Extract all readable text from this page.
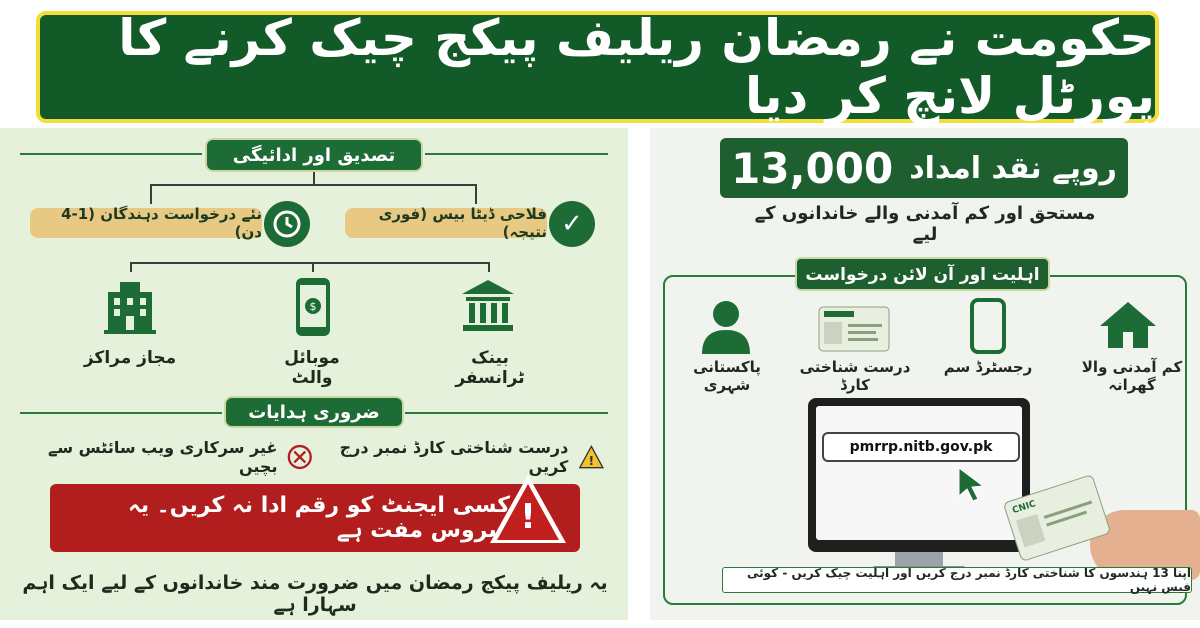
حکومت نے رمضان ریلیف پیکج چیک کرنے کا پورٹل لانچ کر دیا
تصدیق اور ادائیگی
فلاحی ڈیٹا بیس (فوری نتیجہ) ✓
نئے درخواست دہندگان (1-4 دن)
$
بینک ٹرانسفر
موبائل والٹ
مجاز مراکز
ضروری ہدایات
!
درست شناختی کارڈ نمبر درج کریں
غیر سرکاری ویب سائٹس سے بچیں
کسی ایجنٹ کو رقم ادا نہ کریں۔ یہ سروس مفت ہے !
یہ ریلیف پیکج رمضان میں ضرورت مند خاندانوں کے لیے ایک اہم سہارا ہے
روپے نقد امداد
13,000
مستحق اور کم آمدنی والے خاندانوں کے لیے
اہلیت اور آن لائن درخواست
کم آمدنی والا گھرانہ
رجسٹرڈ سم
درست شناختی کارڈ
پاکستانی شہری
pmrrp.nitb.gov.pk
CNIC
اپنا 13 ہندسوں کا شناختی کارڈ نمبر درج کریں اور اہلیت چیک کریں - کوئی فیس نہیں
